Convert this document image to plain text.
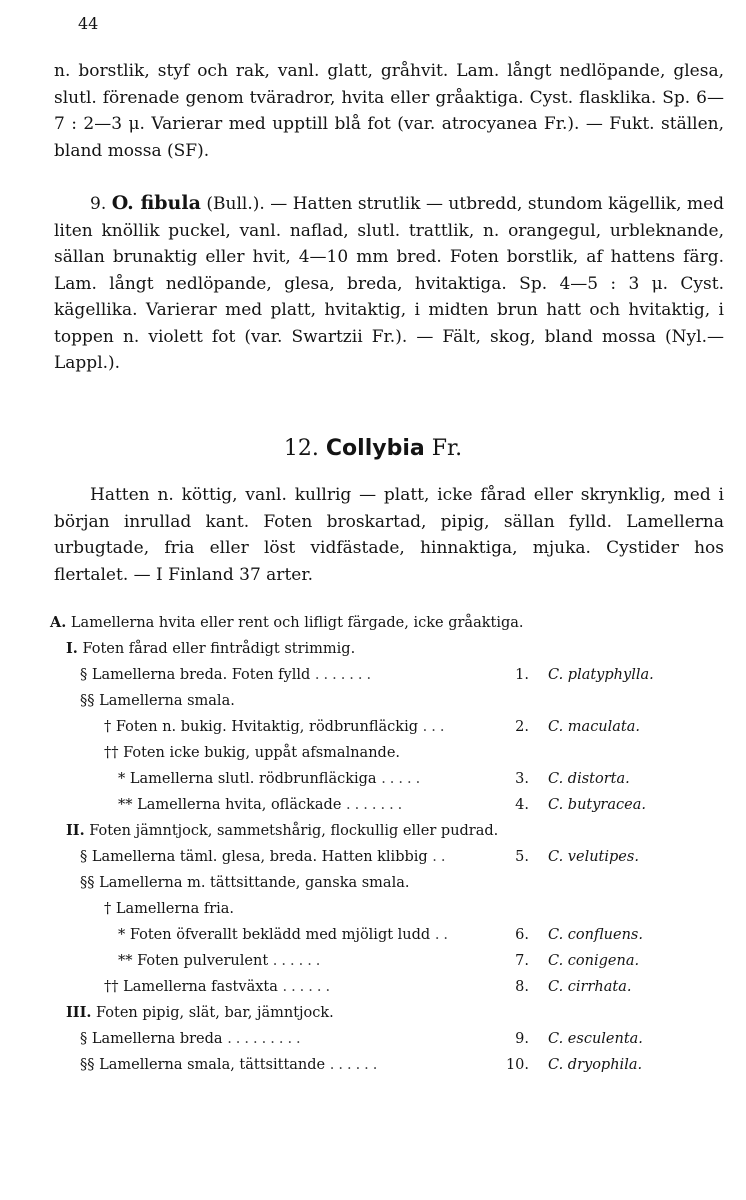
44
n. borstlik, styf och rak, vanl. glatt, gråhvit. Lam. långt nedlöpande, glesa, slutl. förenade genom tväradror, hvita eller gråaktiga. Cyst. flasklika. Sp. 6—7 : 2—3 μ. Varierar med upptill blå fot (var. atrocyanea Fr.). — Fukt. ställen, bland mossa (SF).
9. O. fibula (Bull.). — Hatten strutlik — utbredd, stundom kägellik, med liten knöllik puckel, vanl. naflad, slutl. trattlik, n. orangegul, urbleknande, sällan brunaktig eller hvit, 4—10 mm bred. Foten borstlik, af hattens färg. Lam. långt nedlöpande, glesa, breda, hvitaktiga. Sp. 4—5 : 3 μ. Cyst. kägellika. Varierar med platt, hvitaktig, i midten brun hatt och hvitaktig, i toppen n. violett fot (var. Swartzii Fr.). — Fält, skog, bland mossa (Nyl.—Lappl.).
12. Collybia Fr.
Hatten n. köttig, vanl. kullrig — platt, icke fårad eller skrynklig, med i början inrullad kant. Foten broskartad, pipig, sällan fylld. Lamellerna urbugtade, fria eller löst vidfästade, hinnaktiga, mjuka. Cystider hos flertalet. — I Finland 37 arter.
A. Lamellerna hvita eller rent och lifligt färgade, icke gråaktiga.
I. Foten fårad eller fintrådigt strimmig.
§ Lamellerna breda. Foten fylld .......
§§ Lamellerna smala.
† Foten n. bukig. Hvitaktig, rödbrunfläckig ...
†† Foten icke bukig, uppåt afsmalnande.
* Lamellerna slutl. rödbrunfläckiga .....
** Lamellerna hvita, ofläckade .......
II. Foten jämntjock, sammetshårig, flockullig eller pudrad.
§ Lamellerna täml. glesa, breda. Hatten klibbig ..
§§ Lamellerna m. tättsittande, ganska smala.
† Lamellerna fria.
* Foten öfverallt beklädd med mjöligt ludd ..
** Foten pulverulent ......
†† Lamellerna fastväxta ......
III. Foten pipig, slät, bar, jämntjock.
§ Lamellerna breda .........
§§ Lamellerna smala, tättsittande ......
1. C. platyphylla.
2. C. maculata.
3. C. distorta.
4. C. butyracea.
5. C. velutipes.
6. C. confluens.
7. C. conigena.
8. C. cirrhata.
9. C. esculenta.
10. C. dryophila.
